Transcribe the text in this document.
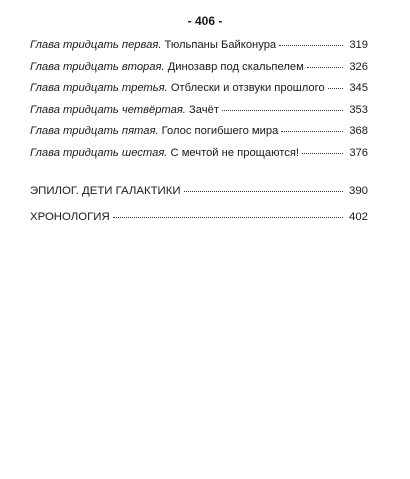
- 406 -
Глава тридцать первая. Тюльпаны Байконура	319
Глава тридцать вторая. Динозавр под скальпелем	326
Глава тридцать третья. Отблески и отзвуки прошлого 345
Глава тридцать четвёртая. Зачёт	353
Глава тридцать пятая. Голос погибшего мира	368
Глава тридцать шестая. С мечтой не прощаются!	376
ЭПИЛОГ. ДЕТИ ГАЛАКТИКИ	390
ХРОНОЛОГИЯ	402
